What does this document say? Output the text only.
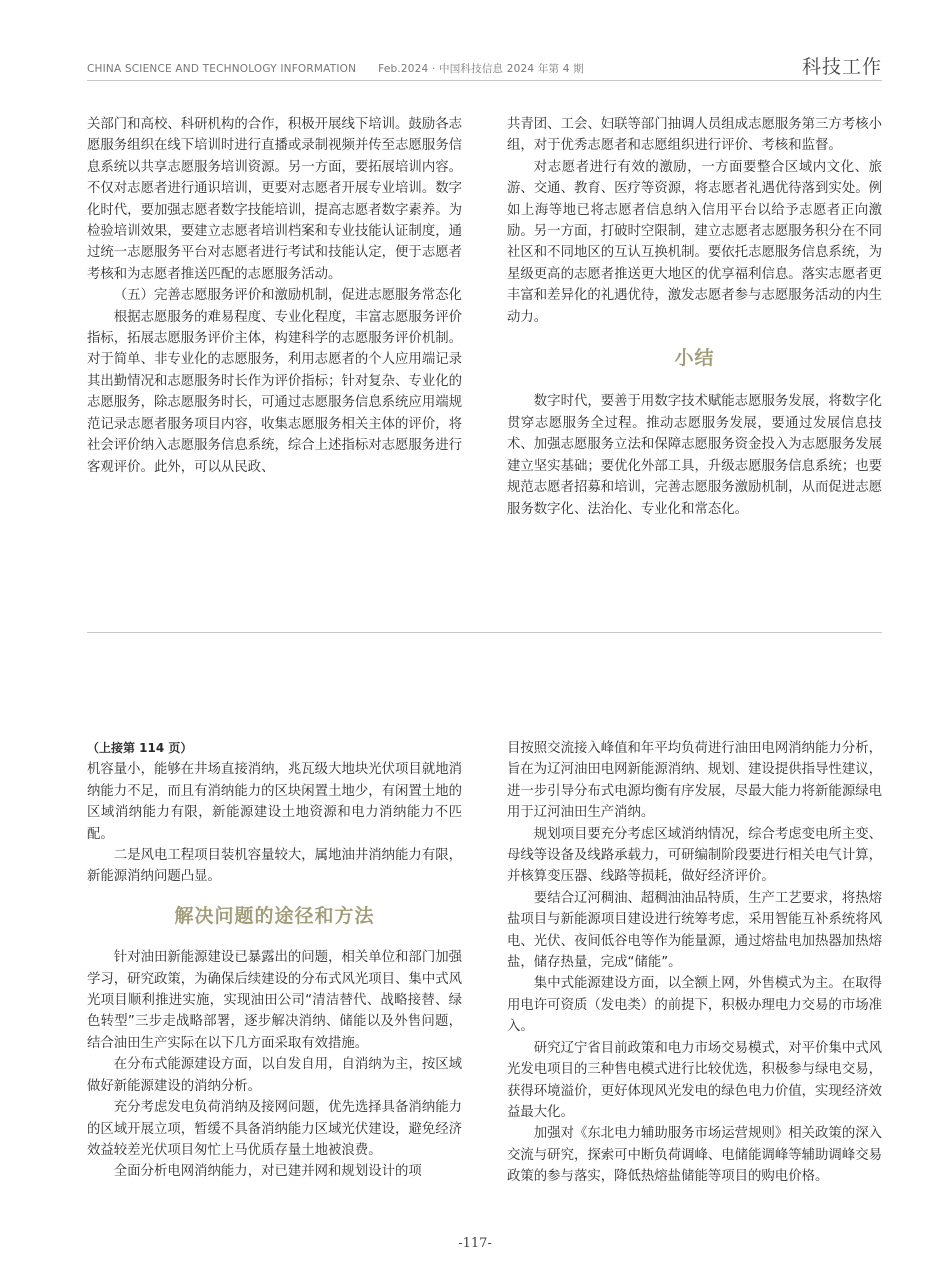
CHINA SCIENCE AND TECHNOLOGY INFORMATION Feb.2024 · 中国科技信息 2024 年第 4 期	科技工作

关部门和高校、科研机构的合作，积极开展线下培训。鼓励各志愿服务组织在线下培训时进行直播或录制视频并传至志愿服务信息系统以共享志愿服务培训资源。另一方面，要拓展培训内容。不仅对志愿者进行通识培训，更要对志愿者开展专业培训。数字化时代，要加强志愿者数字技能培训，提高志愿者数字素养。为检验培训效果，要建立志愿者培训档案和专业技能认证制度，通过统一志愿服务平台对志愿者进行考试和技能认定，便于志愿者考核和为志愿者推送匹配的志愿服务活动。

（五）完善志愿服务评价和激励机制，促进志愿服务常态化

根据志愿服务的难易程度、专业化程度，丰富志愿服务评价指标，拓展志愿服务评价主体，构建科学的志愿服务评价机制。对于简单、非专业化的志愿服务，利用志愿者的个人应用端记录其出勤情况和志愿服务时长作为评价指标；针对复杂、专业化的志愿服务，除志愿服务时长，可通过志愿服务信息系统应用端规范记录志愿者服务项目内容，收集志愿服务相关主体的评价，将社会评价纳入志愿服务信息系统，综合上述指标对志愿服务进行客观评价。此外，可以从民政、

共青团、工会、妇联等部门抽调人员组成志愿服务第三方考核小组，对于优秀志愿者和志愿组织进行评价、考核和监督。

对志愿者进行有效的激励，一方面要整合区域内文化、旅游、交通、教育、医疗等资源，将志愿者礼遇优待落到实处。例如上海等地已将志愿者信息纳入信用平台以给予志愿者正向激励。另一方面，打破时空限制，建立志愿者志愿服务积分在不同社区和不同地区的互认互换机制。要依托志愿服务信息系统，为星级更高的志愿者推送更大地区的优享福利信息。落实志愿者更丰富和差异化的礼遇优待，激发志愿者参与志愿服务活动的内生动力。

小结

数字时代，要善于用数字技术赋能志愿服务发展，将数字化贯穿志愿服务全过程。推动志愿服务发展，要通过发展信息技术、加强志愿服务立法和保障志愿服务资金投入为志愿服务发展建立坚实基础；要优化外部工具，升级志愿服务信息系统；也要规范志愿者招募和培训，完善志愿服务激励机制，从而促进志愿服务数字化、法治化、专业化和常态化。

（上接第 114 页）

机容量小，能够在井场直接消纳，兆瓦级大地块光伏项目就地消纳能力不足，而且有消纳能力的区块闲置土地少，有闲置土地的区域消纳能力有限，新能源建设土地资源和电力消纳能力不匹配。

二是风电工程项目装机容量较大，属地油井消纳能力有限，新能源消纳问题凸显。

解决问题的途径和方法

针对油田新能源建设已暴露出的问题，相关单位和部门加强学习，研究政策，为确保后续建设的分布式风光项目、集中式风光项目顺利推进实施，实现油田公司“清洁替代、战略接替、绿色转型”三步走战略部署，逐步解决消纳、储能以及外售问题，结合油田生产实际在以下几方面采取有效措施。

在分布式能源建设方面，以自发自用，自消纳为主，按区域做好新能源建设的消纳分析。

充分考虑发电负荷消纳及接网问题，优先选择具备消纳能力的区域开展立项，暂缓不具备消纳能力区域光伏建设，避免经济效益较差光伏项目匆忙上马优质存量土地被浪费。

全面分析电网消纳能力，对已建并网和规划设计的项

目按照交流接入峰值和年平均负荷进行油田电网消纳能力分析，旨在为辽河油田电网新能源消纳、规划、建设提供指导性建议，进一步引导分布式电源均衡有序发展，尽最大能力将新能源绿电用于辽河油田生产消纳。

规划项目要充分考虑区域消纳情况，综合考虑变电所主变、母线等设备及线路承载力，可研编制阶段要进行相关电气计算，并核算变压器、线路等损耗，做好经济评价。

要结合辽河稠油、超稠油油品特质，生产工艺要求，将热熔盐项目与新能源项目建设进行统筹考虑，采用智能互补系统将风电、光伏、夜间低谷电等作为能量源，通过熔盐电加热器加热熔盐，储存热量，完成“储能”。

集中式能源建设方面，以全额上网，外售模式为主。在取得用电许可资质（发电类）的前提下，积极办理电力交易的市场准入。

研究辽宁省目前政策和电力市场交易模式，对平价集中式风光发电项目的三种售电模式进行比较优选，积极参与绿电交易，获得环境溢价，更好体现风光发电的绿色电力价值，实现经济效益最大化。

加强对《东北电力辅助服务市场运营规则》相关政策的深入交流与研究，探索可中断负荷调峰、电储能调峰等辅助调峰交易政策的参与落实，降低热熔盐储能等项目的购电价格。

-117-
